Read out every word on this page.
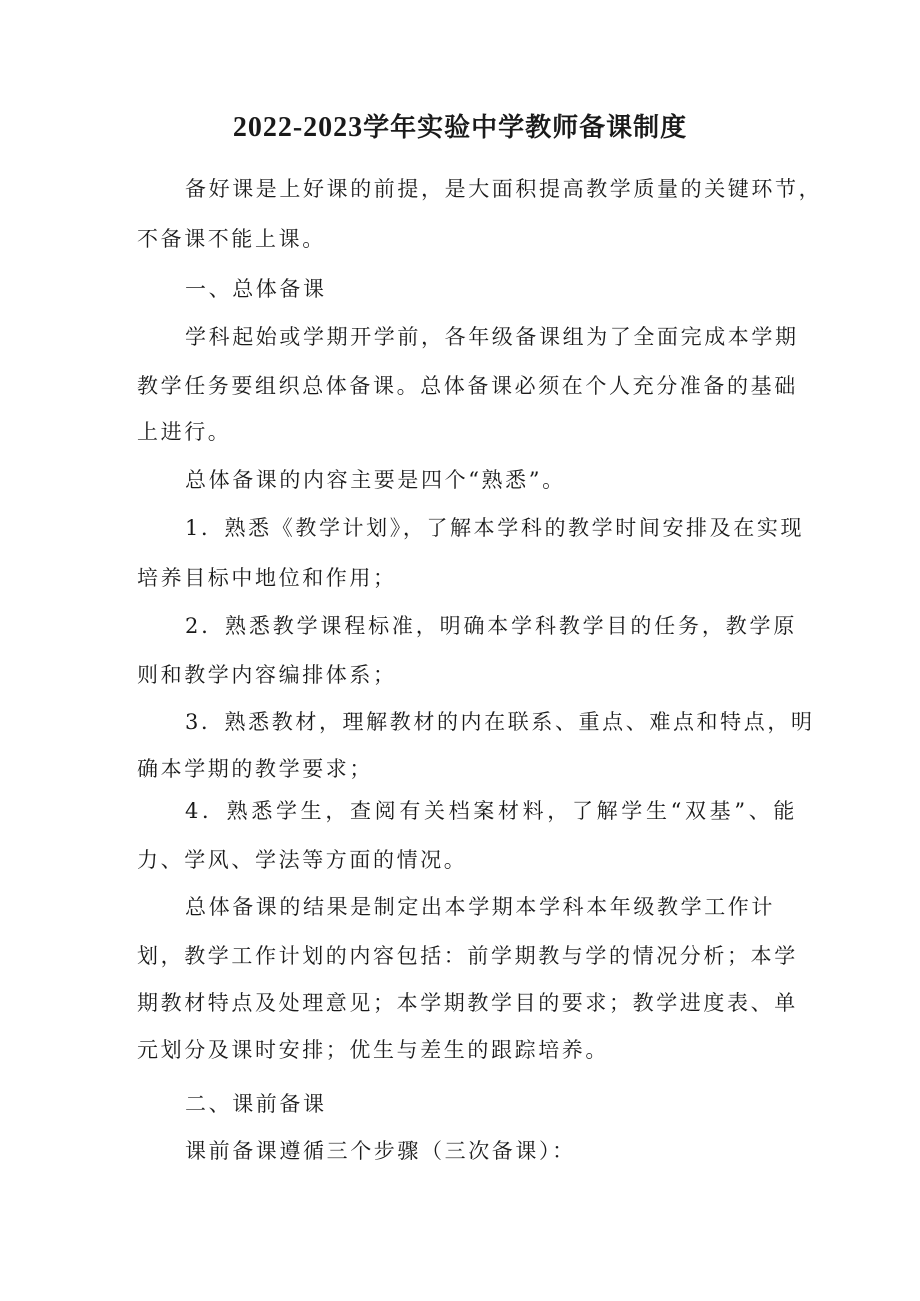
2022-2023学年实验中学教师备课制度
备好课是上好课的前提，是大面积提高教学质量的关键环节，
不备课不能上课。
一、总体备课
学科起始或学期开学前，各年级备课组为了全面完成本学期
教学任务要组织总体备课。总体备课必须在个人充分准备的基础
上进行。
总体备课的内容主要是四个“熟悉”。
1．熟悉《教学计划》，了解本学科的教学时间安排及在实现
培养目标中地位和作用；
2．熟悉教学课程标准，明确本学科教学目的任务，教学原
则和教学内容编排体系；
3．熟悉教材，理解教材的内在联系、重点、难点和特点，明
确本学期的教学要求；
4．熟悉学生，查阅有关档案材料，了解学生“双基”、能
力、学风、学法等方面的情况。
总体备课的结果是制定出本学期本学科本年级教学工作计
划，教学工作计划的内容包括：前学期教与学的情况分析；本学
期教材特点及处理意见；本学期教学目的要求；教学进度表、单
元划分及课时安排；优生与差生的跟踪培养。
二、课前备课
课前备课遵循三个步骤（三次备课）：
